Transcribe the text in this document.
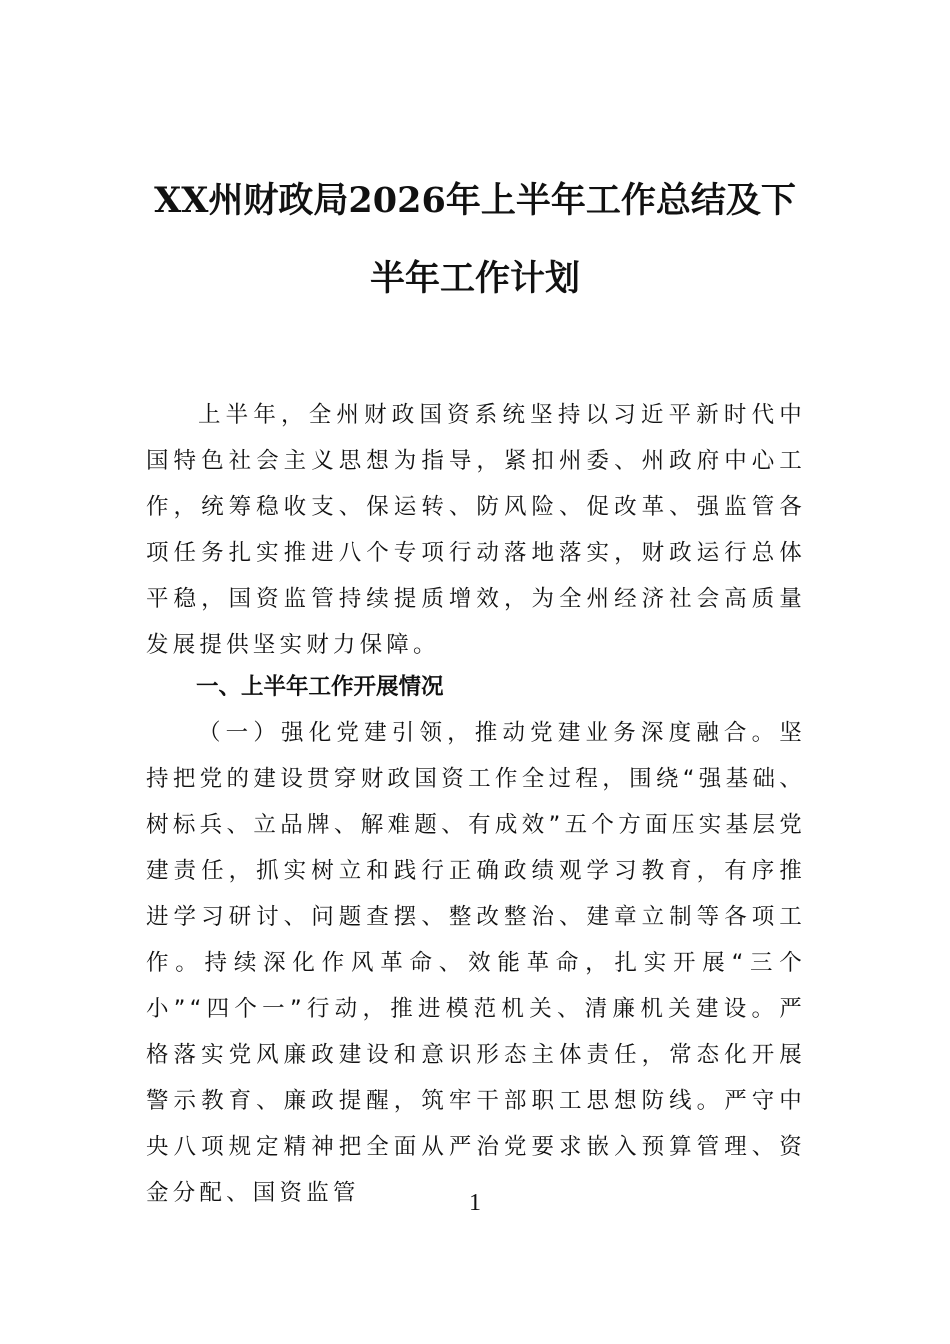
XX州财政局2026年上半年工作总结及下
半年工作计划

上半年，全州财政国资系统坚持以习近平新时代中国特色社会主义思想为指导，紧扣州委、州政府中心工作，统筹稳收支、保运转、防风险、促改革、强监管各项任务扎实推进八个专项行动落地落实，财政运行总体平稳，国资监管持续提质增效，为全州经济社会高质量发展提供坚实财力保障。

一、上半年工作开展情况

（一）强化党建引领，推动党建业务深度融合。坚持把党的建设贯穿财政国资工作全过程，围绕“强基础、树标兵、立品牌、解难题、有成效”五个方面压实基层党建责任，抓实树立和践行正确政绩观学习教育，有序推进学习研讨、问题查摆、整改整治、建章立制等各项工作。持续深化作风革命、效能革命，扎实开展“三个小”“四个一”行动，推进模范机关、清廉机关建设。严格落实党风廉政建设和意识形态主体责任，常态化开展警示教育、廉政提醒，筑牢干部职工思想防线。严守中央八项规定精神把全面从严治党要求嵌入预算管理、资金分配、国资监管	1
